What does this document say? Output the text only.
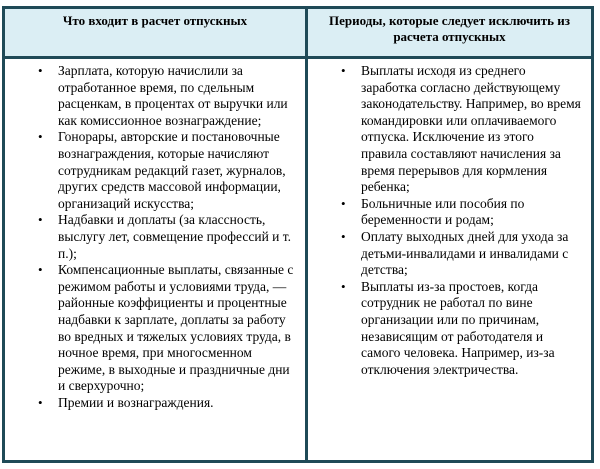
Что входит в расчет отпускных	Периоды, которые следует исключить из расчета отпускных
• Зарплата, которую начислили за отработанное время, по сдельным расценкам, в процентах от выручки или как комиссионное вознаграждение;
• Гонорары, авторские и постановочные вознаграждения, которые начисляют сотрудникам редакций газет, журналов, других средств массовой информации, организаций искусства;
• Надбавки и доплаты (за классность, выслугу лет, совмещение профессий и т. п.);
• Компенсационные выплаты, связанные с режимом работы и условиями труда, — районные коэффициенты и процентные надбавки к зарплате, доплаты за работу во вредных и тяжелых условиях труда, в ночное время, при многосменном режиме, в выходные и праздничные дни и сверхурочно;
• Премии и вознаграждения.
• Выплаты исходя из среднего заработка согласно действующему законодательству. Например, во время командировки или оплачиваемого отпуска. Исключение из этого правила составляют начисления за время перерывов для кормления ребенка;
• Больничные или пособия по беременности и родам;
• Оплату выходных дней для ухода за детьми-инвалидами и инвалидами с детства;
• Выплаты из-за простоев, когда сотрудник не работал по вине организации или по причинам, независящим от работодателя и самого человека. Например, из-за отключения электричества.
